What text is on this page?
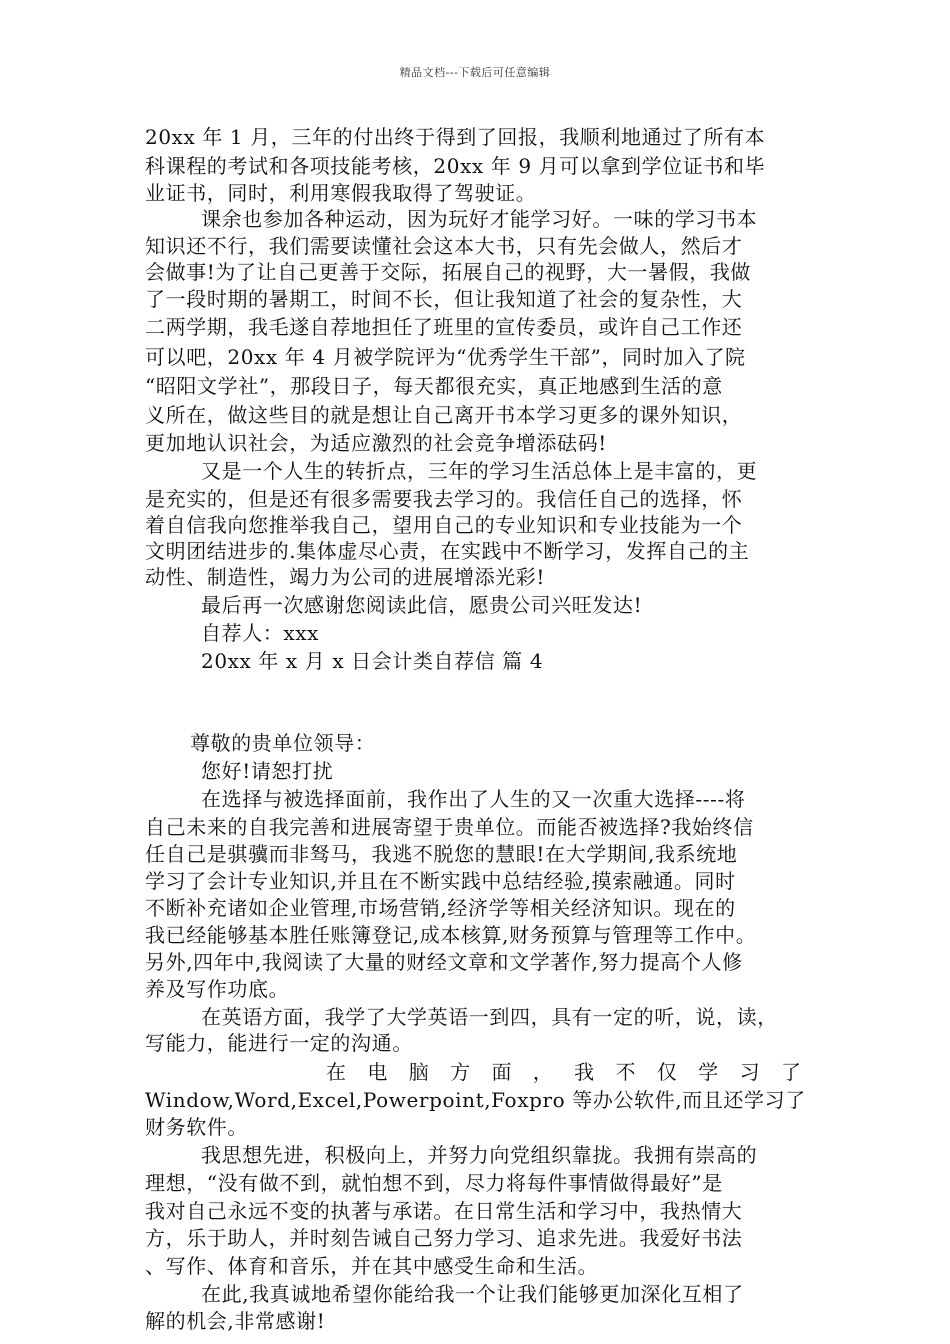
精品文档---下载后可任意编辑
20xx 年 1 月，三年的付出终于得到了回报，我顺利地通过了所有本
科课程的考试和各项技能考核，20xx 年 9 月可以拿到学位证书和毕
业证书，同时，利用寒假我取得了驾驶证。
课余也参加各种运动，因为玩好才能学习好。一味的学习书本
知识还不行，我们需要读懂社会这本大书，只有先会做人，然后才
会做事!为了让自己更善于交际，拓展自己的视野，大一暑假，我做
了一段时期的暑期工，时间不长，但让我知道了社会的复杂性，大
二两学期，我毛遂自荐地担任了班里的宣传委员，或许自己工作还
可以吧，20xx 年 4 月被学院评为“优秀学生干部”，同时加入了院
“昭阳文学社”，那段日子，每天都很充实，真正地感到生活的意
义所在，做这些目的就是想让自己离开书本学习更多的课外知识，
更加地认识社会，为适应激烈的社会竞争增添砝码!
又是一个人生的转折点，三年的学习生活总体上是丰富的，更
是充实的，但是还有很多需要我去学习的。我信任自己的选择，怀
着自信我向您推举我自己，望用自己的专业知识和专业技能为一个
文明团结进步的.集体虚尽心责，在实践中不断学习，发挥自己的主
动性、制造性，竭力为公司的进展增添光彩!
最后再一次感谢您阅读此信，愿贵公司兴旺发达!
自荐人：xxx
20xx 年 x 月 x 日会计类自荐信 篇 4
尊敬的贵单位领导：
您好!请恕打扰
在选择与被选择面前，我作出了人生的又一次重大选择----将
自己未来的自我完善和进展寄望于贵单位。而能否被选择?我始终信
任自己是骐骥而非驽马，我逃不脱您的慧眼!在大学期间,我系统地
学习了会计专业知识,并且在不断实践中总结经验,摸索融通。同时
不断补充诸如企业管理,市场营销,经济学等相关经济知识。现在的
我已经能够基本胜任账簿登记,成本核算,财务预算与管理等工作中。
另外,四年中,我阅读了大量的财经文章和文学著作,努力提高个人修
养及写作功底。
在英语方面，我学了大学英语一到四，具有一定的听，说，读，
写能力，能进行一定的沟通。
在 电 脑 方 面 ， 我 不 仅 学 习 了
Window,Word,Excel,Powerpoint,Foxpro 等办公软件,而且还学习了
财务软件。
我思想先进，积极向上，并努力向党组织靠拢。我拥有崇高的
理想，“没有做不到，就怕想不到，尽力将每件事情做得最好”是
我对自己永远不变的执著与承诺。在日常生活和学习中，我热情大
方，乐于助人，并时刻告诫自己努力学习、追求先进。我爱好书法
、写作、体育和音乐，并在其中感受生命和生活。
在此,我真诚地希望你能给我一个让我们能够更加深化互相了
解的机会,非常感谢!
